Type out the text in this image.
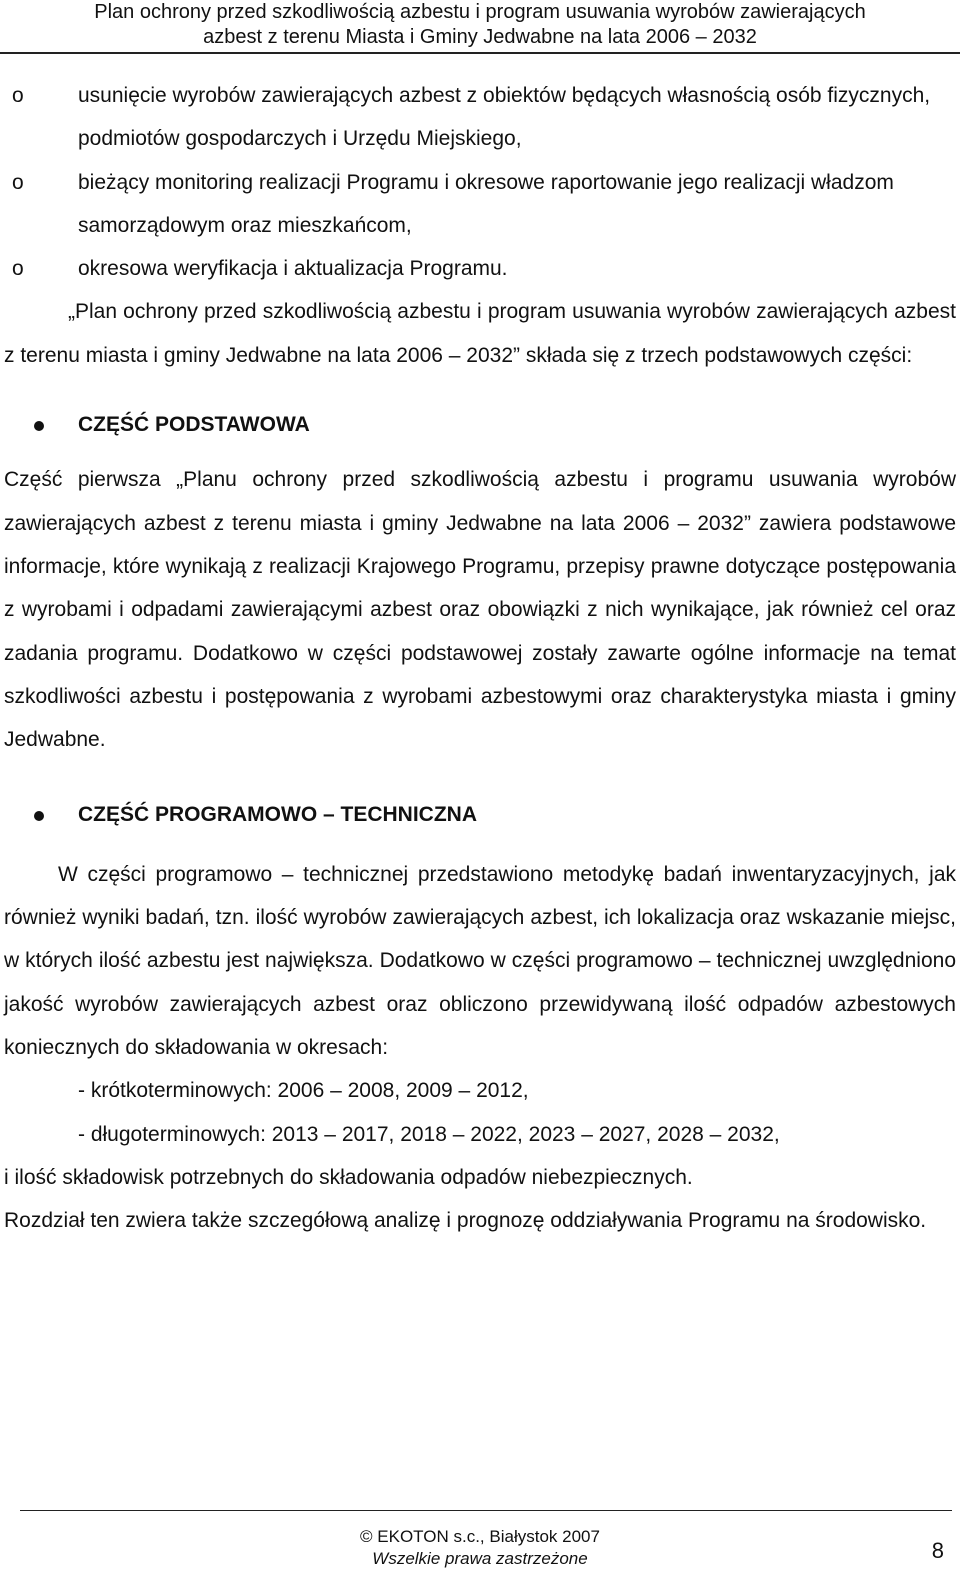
Plan ochrony przed szkodliwością azbestu i program usuwania wyrobów zawierających
azbest z terenu Miasta i Gminy Jedwabne na lata 2006 – 2032
o	usunięcie wyrobów zawierających azbest z obiektów będących własnością osób fizycznych, podmiotów gospodarczych i Urzędu Miejskiego,
o	bieżący monitoring realizacji Programu i okresowe raportowanie jego realizacji władzom samorządowym oraz mieszkańcom,
o	okresowa weryfikacja i aktualizacja Programu.

„Plan ochrony przed szkodliwością azbestu i program usuwania wyrobów zawierających azbest z terenu miasta i gminy Jedwabne na lata 2006 – 2032” składa się z trzech podstawowych części:

CZĘŚĆ PODSTAWOWA

Część pierwsza „Planu ochrony przed szkodliwością azbestu i programu usuwania wyrobów zawierających azbest z terenu miasta i gminy Jedwabne na lata 2006 – 2032” zawiera podstawowe informacje, które wynikają z realizacji Krajowego Programu, przepisy prawne dotyczące postępowania z wyrobami i odpadami zawierającymi azbest oraz obowiązki z nich wynikające, jak również cel oraz zadania programu. Dodatkowo w części podstawowej zostały zawarte ogólne informacje na temat szkodliwości azbestu i postępowania z wyrobami azbestowymi oraz charakterystyka miasta i gminy Jedwabne.

CZĘŚĆ PROGRAMOWO – TECHNICZNA

W części programowo – technicznej przedstawiono metodykę badań inwentaryzacyjnych, jak również wyniki badań, tzn. ilość wyrobów zawierających azbest, ich lokalizacja oraz wskazanie miejsc, w których ilość azbestu jest największa. Dodatkowo w części programowo – technicznej uwzględniono jakość wyrobów zawierających azbest oraz obliczono przewidywaną ilość odpadów azbestowych koniecznych do składowania w okresach:

- krótkoterminowych: 2006 – 2008, 2009 – 2012,
- długoterminowych: 2013 – 2017, 2018 – 2022, 2023 – 2027, 2028 – 2032,

i ilość składowisk potrzebnych do składowania odpadów niebezpiecznych.

Rozdział ten zwiera także szczegółową analizę i prognozę oddziaływania Programu na środowisko.

© EKOTON s.c., Białystok 2007
Wszelkie prawa zastrzeżone	8
